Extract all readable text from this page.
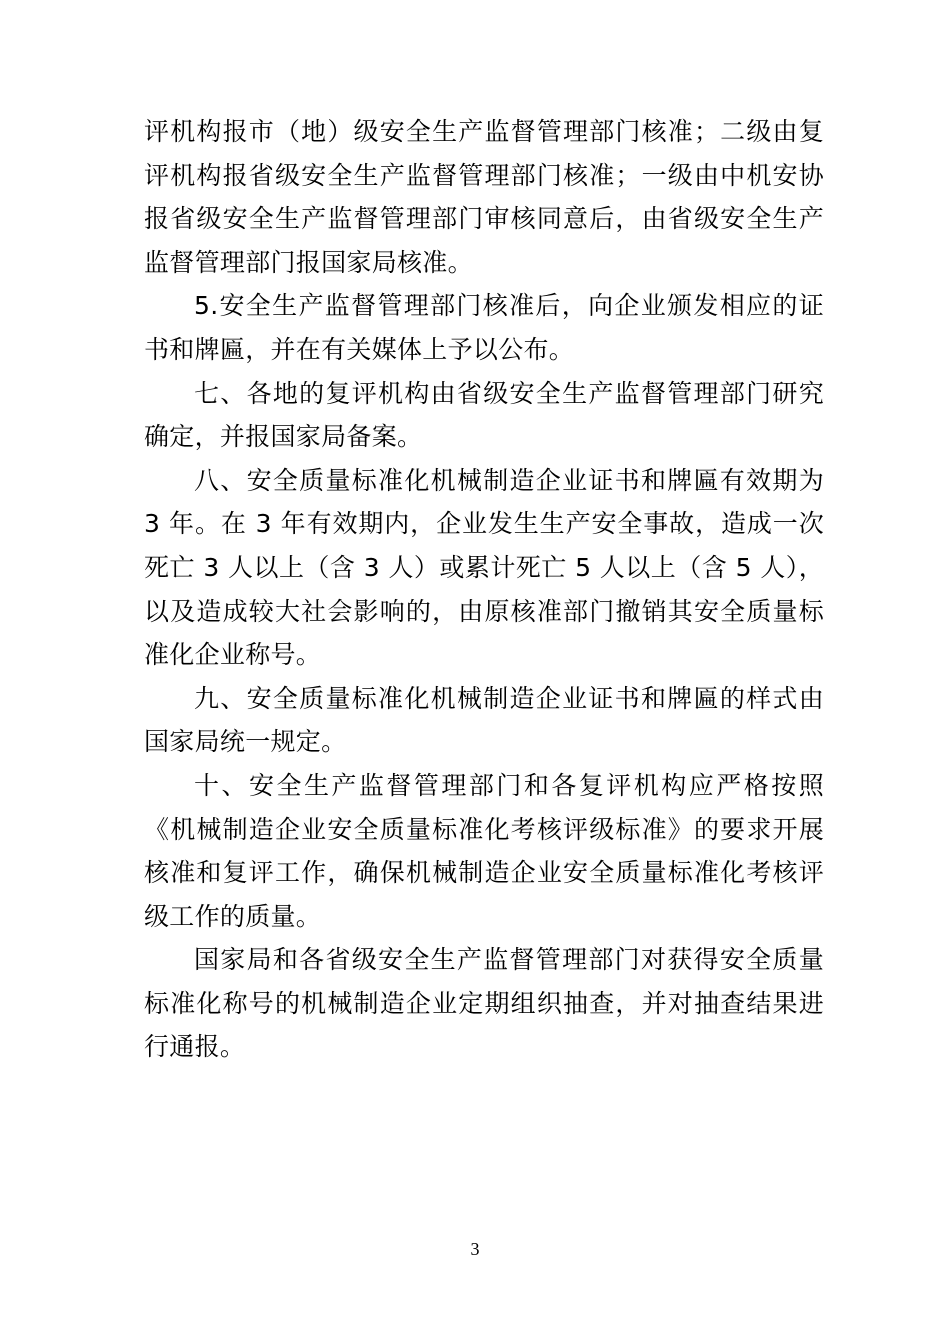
评机构报市（地）级安全生产监督管理部门核准；二级由复评机构报省级安全生产监督管理部门核准；一级由中机安协报省级安全生产监督管理部门审核同意后，由省级安全生产监督管理部门报国家局核准。

5.安全生产监督管理部门核准后，向企业颁发相应的证书和牌匾，并在有关媒体上予以公布。

七、各地的复评机构由省级安全生产监督管理部门研究确定，并报国家局备案。

八、安全质量标准化机械制造企业证书和牌匾有效期为 3 年。在 3 年有效期内，企业发生生产安全事故，造成一次死亡 3 人以上（含 3 人）或累计死亡 5 人以上（含 5 人），以及造成较大社会影响的，由原核准部门撤销其安全质量标准化企业称号。

九、安全质量标准化机械制造企业证书和牌匾的样式由国家局统一规定。

十、安全生产监督管理部门和各复评机构应严格按照《机械制造企业安全质量标准化考核评级标准》的要求开展核准和复评工作，确保机械制造企业安全质量标准化考核评级工作的质量。

国家局和各省级安全生产监督管理部门对获得安全质量标准化称号的机械制造企业定期组织抽查，并对抽查结果进行通报。

3
